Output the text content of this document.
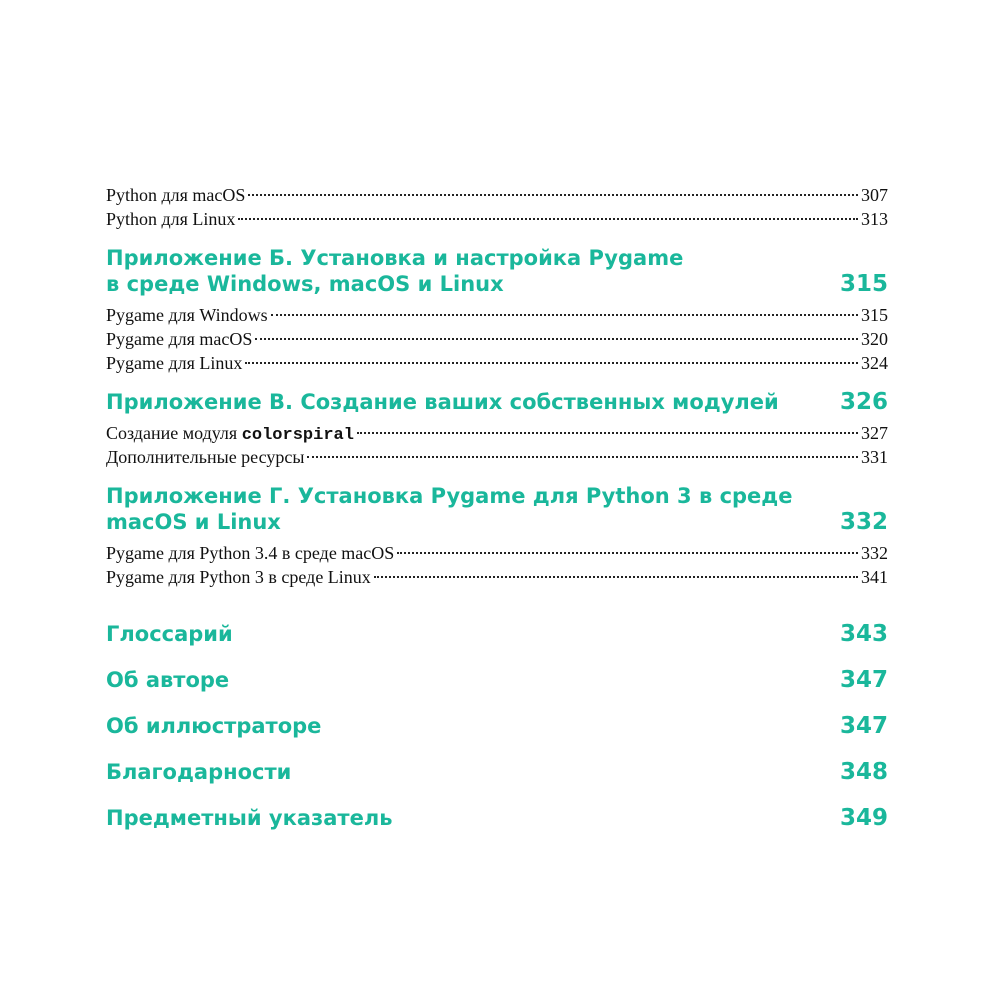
Python для macOS	307
Python для Linux	313
Приложение Б. Установка и настройка Pygame
в среде Windows, macOS и Linux	315
Pygame для Windows	315
Pygame для macOS	320
Pygame для Linux	324
Приложение В. Создание ваших собственных модулей	326
Создание модуля colorspiral	327
Дополнительные ресурсы	331
Приложение Г. Установка Pygame для Python 3 в среде
macOS и Linux	332
Pygame для Python 3.4 в среде macOS	332
Pygame для Python 3 в среде Linux	341
Глоссарий	343
Об авторе	347
Об иллюстраторе	347
Благодарности	348
Предметный указатель	349
